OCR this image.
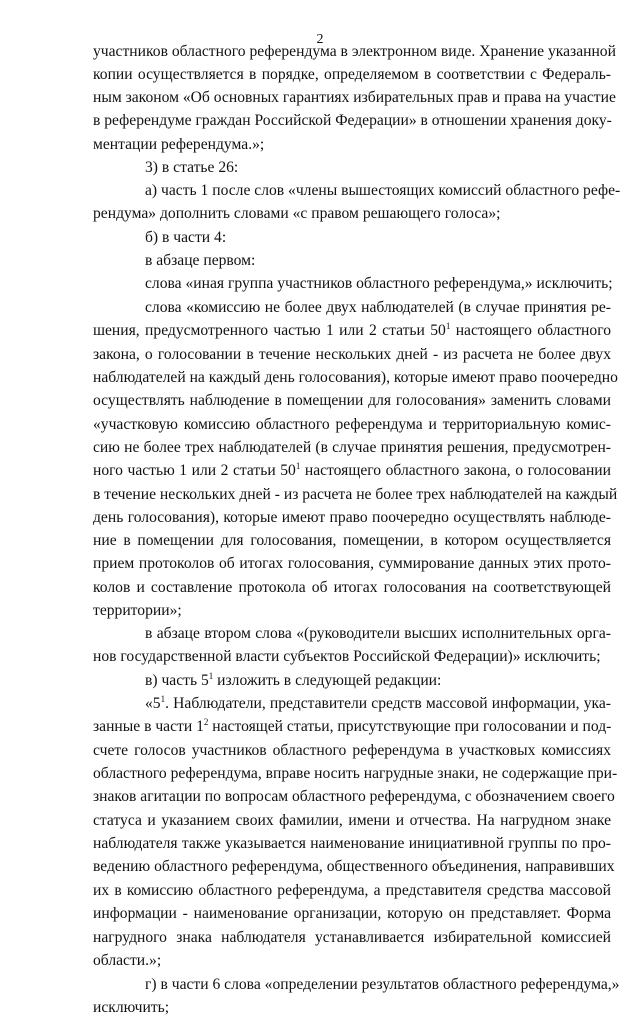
2
участников областного референдума в электронном виде. Хранение указанной
копии осуществляется в порядке, определяемом в соответствии с Федераль-
ным законом «Об основных гарантиях избирательных прав и права на участие
в референдуме граждан Российской Федерации» в отношении хранения доку-
ментации референдума.»;
3) в статье 26:
а) часть 1 после слов «члены вышестоящих комиссий областного рефе-
рендума» дополнить словами «с правом решающего голоса»;
б) в части 4:
в абзаце первом:
слова «иная группа участников областного референдума,» исключить;
слова «комиссию не более двух наблюдателей (в случае принятия ре-
шения, предусмотренного частью 1 или 2 статьи $50^1$ настоящего областного
закона, о голосовании в течение нескольких дней - из расчета не более двух
наблюдателей на каждый день голосования), которые имеют право поочередно
осуществлять наблюдение в помещении для голосования» заменить словами
«участковую комиссию областного референдума и территориальную комис-
сию не более трех наблюдателей (в случае принятия решения, предусмотрен-
ного частью 1 или 2 статьи $50^1$ настоящего областного закона, о голосовании
в течение нескольких дней - из расчета не более трех наблюдателей на каждый
день голосования), которые имеют право поочередно осуществлять наблюде-
ние в помещении для голосования, помещении, в котором осуществляется
прием протоколов об итогах голосования, суммирование данных этих прото-
колов и составление протокола об итогах голосования на соответствующей
территории»;
в абзаце втором слова «(руководители высших исполнительных орга-
нов государственной власти субъектов Российской Федерации)» исключить;
в) часть $5^1$ изложить в следующей редакции:
«$5^1$. Наблюдатели, представители средств массовой информации, ука-
занные в части $1^2$ настоящей статьи, присутствующие при голосовании и под-
счете голосов участников областного референдума в участковых комиссиях
областного референдума, вправе носить нагрудные знаки, не содержащие при-
знаков агитации по вопросам областного референдума, с обозначением своего
статуса и указанием своих фамилии, имени и отчества. На нагрудном знаке
наблюдателя также указывается наименование инициативной группы по про-
ведению областного референдума, общественного объединения, направивших
их в комиссию областного референдума, а представителя средства массовой
информации - наименование организации, которую он представляет. Форма
нагрудного знака наблюдателя устанавливается избирательной комиссией
области.»;
г) в части 6 слова «определении результатов областного референдума,»
исключить;
